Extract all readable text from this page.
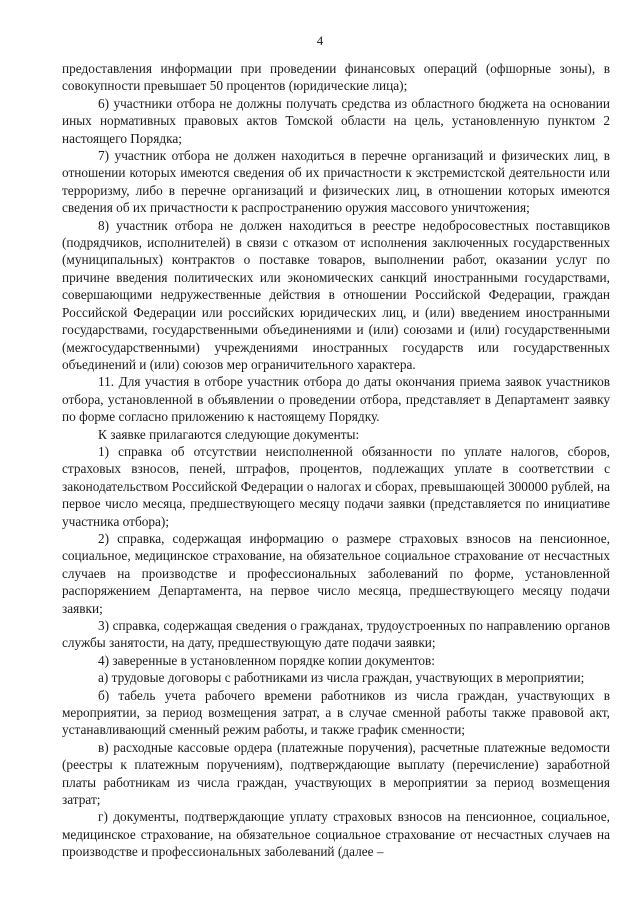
4

предоставления информации при проведении финансовых операций (офшорные зоны), в совокупности превышает 50 процентов (юридические лица);

6) участники отбора не должны получать средства из областного бюджета на основании иных нормативных правовых актов Томской области на цель, установленную пунктом 2 настоящего Порядка;

7) участник отбора не должен находиться в перечне организаций и физических лиц, в отношении которых имеются сведения об их причастности к экстремистской деятельности или терроризму, либо в перечне организаций и физических лиц, в отношении которых имеются сведения об их причастности к распространению оружия массового уничтожения;

8) участник отбора не должен находиться в реестре недобросовестных поставщиков (подрядчиков, исполнителей) в связи с отказом от исполнения заключенных государственных (муниципальных) контрактов о поставке товаров, выполнении работ, оказании услуг по причине введения политических или экономических санкций иностранными государствами, совершающими недружественные действия в отношении Российской Федерации, граждан Российской Федерации или российских юридических лиц, и (или) введением иностранными государствами, государственными объединениями и (или) союзами и (или) государственными (межгосударственными) учреждениями иностранных государств или государственных объединений и (или) союзов мер ограничительного характера.

11. Для участия в отборе участник отбора до даты окончания приема заявок участников отбора, установленной в объявлении о проведении отбора, представляет в Департамент заявку по форме согласно приложению к настоящему Порядку.

К заявке прилагаются следующие документы:

1) справка об отсутствии неисполненной обязанности по уплате налогов, сборов, страховых взносов, пеней, штрафов, процентов, подлежащих уплате в соответствии с законодательством Российской Федерации о налогах и сборах, превышающей 300000 рублей, на первое число месяца, предшествующего месяцу подачи заявки (представляется по инициативе участника отбора);

2) справка, содержащая информацию о размере страховых взносов на пенсионное, социальное, медицинское страхование, на обязательное социальное страхование от несчастных случаев на производстве и профессиональных заболеваний по форме, установленной распоряжением Департамента, на первое число месяца, предшествующего месяцу подачи заявки;

3) справка, содержащая сведения о гражданах, трудоустроенных по направлению органов службы занятости, на дату, предшествующую дате подачи заявки;

4) заверенные в установленном порядке копии документов:

а) трудовые договоры с работниками из числа граждан, участвующих в мероприятии;

б) табель учета рабочего времени работников из числа граждан, участвующих в мероприятии, за период возмещения затрат, а в случае сменной работы также правовой акт, устанавливающий сменный режим работы, и также график сменности;

в) расходные кассовые ордера (платежные поручения), расчетные платежные ведомости (реестры к платежным поручениям), подтверждающие выплату (перечисление) заработной платы работникам из числа граждан, участвующих в мероприятии за период возмещения затрат;

г) документы, подтверждающие уплату страховых взносов на пенсионное, социальное, медицинское страхование, на обязательное социальное страхование от несчастных случаев на производстве и профессиональных заболеваний (далее –
